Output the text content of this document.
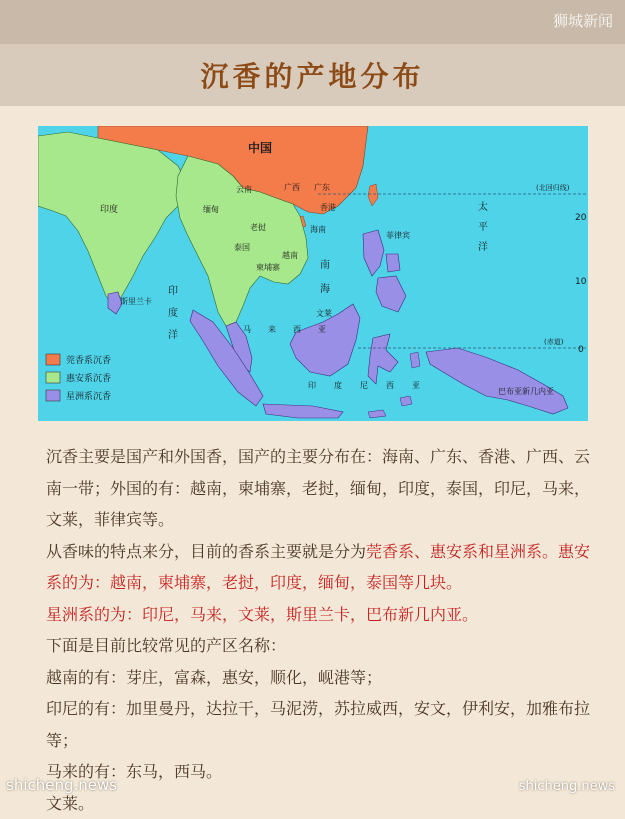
狮城新闻
沉香的产地分布
中国
印度
斯里兰卡
缅甸
老挝
泰国
柬埔寨
越南
云南	广西 广东
香港
海南
菲律宾
太
平
洋
南
海
印
度
洋
文莱
马 来 西 亚
印 度 尼 西 亚
巴布亚新几内亚
(北回归线)
(赤道)
20
10
0
莞香系沉香
惠安系沉香
星洲系沉香

沉香主要是国产和外国香，国产的主要分布在：海南、广东、香港、广西、云南一带；外国的有：越南，柬埔寨，老挝，缅甸，印度，泰国，印尼，马来，文莱，菲律宾等。

从香味的特点来分，目前的香系主要就是分为莞香系、惠安系和星洲系。惠安系的为：越南，柬埔寨，老挝，印度，缅甸，泰国等几块。

星洲系的为：印尼，马来，文莱，斯里兰卡，巴布新几内亚。

下面是目前比较常见的产区名称：

越南的有：芽庄，富森，惠安，顺化，岘港等；

印尼的有：加里曼丹，达拉干，马泥涝，苏拉威西，安文，伊利安，加雅布拉等；

马来的有：东马，西马。

文莱。

shicheng.news	shicheng.news
